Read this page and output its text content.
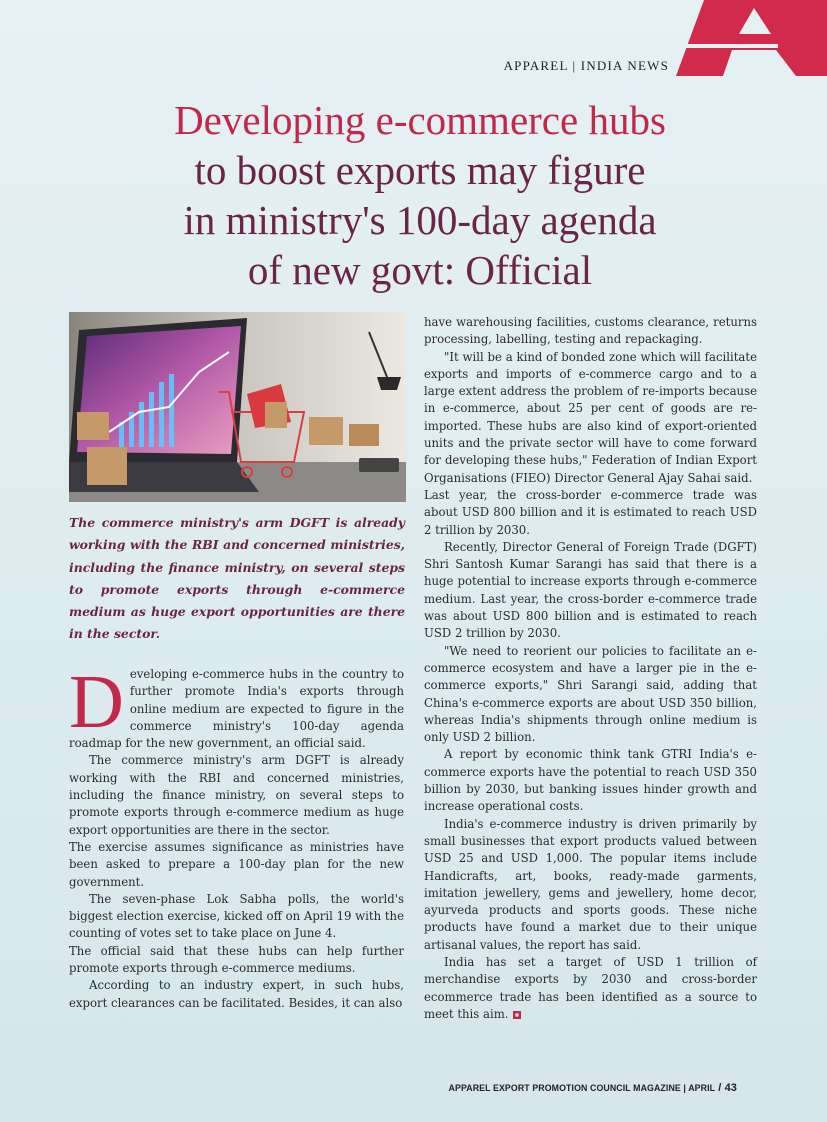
APPAREL | INDIA NEWS
Developing e-commerce hubs
to boost exports may figure
in ministry's 100-day agenda
of new govt: Official

The commerce ministry's arm DGFT is already working with the RBI and concerned ministries, including the finance ministry, on several steps to promote exports through e-commerce medium as huge export opportunities are there in the sector.

Developing e-commerce hubs in the country to further promote India's exports through online medium are expected to figure in the commerce ministry's 100-day agenda roadmap for the new government, an official said.

The commerce ministry's arm DGFT is already working with the RBI and concerned ministries, including the finance ministry, on several steps to promote exports through e-commerce medium as huge export opportunities are there in the sector.

The exercise assumes significance as ministries have been asked to prepare a 100-day plan for the new government.

The seven-phase Lok Sabha polls, the world's biggest election exercise, kicked off on April 19 with the counting of votes set to take place on June 4.

The official said that these hubs can help further promote exports through e-commerce mediums.

According to an industry expert, in such hubs, export clearances can be facilitated. Besides, it can also

have warehousing facilities, customs clearance, returns processing, labelling, testing and repackaging.

"It will be a kind of bonded zone which will facilitate exports and imports of e-commerce cargo and to a large extent address the problem of re-imports because in e-commerce, about 25 per cent of goods are re-imported. These hubs are also kind of export-oriented units and the private sector will have to come forward for developing these hubs," Federation of Indian Export Organisations (FIEO) Director General Ajay Sahai said.

Last year, the cross-border e-commerce trade was about USD 800 billion and it is estimated to reach USD 2 trillion by 2030.

Recently, Director General of Foreign Trade (DGFT) Shri Santosh Kumar Sarangi has said that there is a huge potential to increase exports through e-commerce medium. Last year, the cross-border e-commerce trade was about USD 800 billion and is estimated to reach USD 2 trillion by 2030.

"We need to reorient our policies to facilitate an e-commerce ecosystem and have a larger pie in the e-commerce exports," Shri Sarangi said, adding that China's e-commerce exports are about USD 350 billion, whereas India's shipments through online medium is only USD 2 billion.

A report by economic think tank GTRI India's e-commerce exports have the potential to reach USD 350 billion by 2030, but banking issues hinder growth and increase operational costs.

India's e-commerce industry is driven primarily by small businesses that export products valued between USD 25 and USD 1,000. The popular items include Handicrafts, art, books, ready-made garments, imitation jewellery, gems and jewellery, home decor, ayurveda products and sports goods. These niche products have found a market due to their unique artisanal values, the report has said.

India has set a target of USD 1 trillion of merchandise exports by 2030 and cross-border ecommerce trade has been identified as a source to meet this aim.

APPAREL EXPORT PROMOTION COUNCIL MAGAZINE | APRIL / 43
